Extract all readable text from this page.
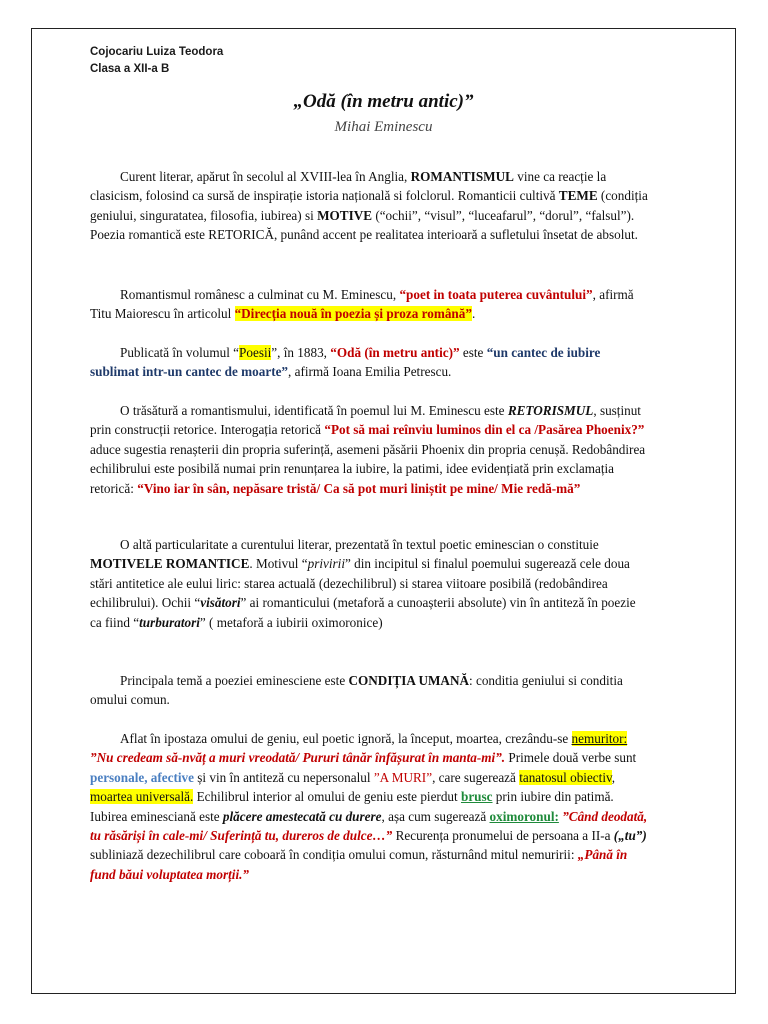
Cojocariu Luiza Teodora
Clasa a XII-a B
„Odă (în metru antic)”
Mihai Eminescu
Curent literar, apărut în secolul al XVIII-lea în Anglia, ROMANTISMUL vine ca reacție la clasicism, folosind ca sursă de inspirație istoria națională si folclorul. Romanticii cultivă TEME (condiția geniului, singuratatea, filosofia, iubirea) si MOTIVE (“ochii”, “visul”, “luceafarul”, “dorul”, “falsul”). Poezia romantică este RETORICĂ, punând accent pe realitatea interioară a sufletului însetat de absolut.
Romantismul românesc a culminat cu M. Eminescu, “poet in toata puterea cuvântului”, afirmă Titu Maiorescu în articolul “Direcția nouă în poezia și proza română”.
Publicată în volumul “Poesii”, în 1883, “Odă (în metru antic)” este “un cantec de iubire sublimat intr-un cantec de moarte”, afirmă Ioana Emilia Petrescu.
O trăsătură a romantismului, identificată în poemul lui M. Eminescu este RETORISMUL, susținut prin construcții retorice. Interogația retorică “Pot să mai reînviu luminos din el ca /Pasărea Phoenix?” aduce sugestia renașterii din propria suferință, asemeni păsării Phoenix din propria cenușă. Redobândirea echilibrului este posibilă numai prin renunțarea la iubire, la patimi, idee evidențiată prin exclamația retorică: “Vino iar în sân, nepăsare tristă/ Ca să pot muri liniștit pe mine/ Mie redă-mă”
O altă particularitate a curentului literar, prezentată în textul poetic eminescian o constituie MOTIVELE ROMANTICE. Motivul “privirii” din incipitul si finalul poemului sugerează cele doua stări antitetice ale eului liric: starea actuală (dezechilibrul) si starea viitoare posibilă (redobândirea echilibrului). Ochii “visători” ai romanticului (metaforă a cunoașterii absolute) vin în antiteză în poezie ca fiind “turburatori” ( metaforă a iubirii oximoronice)
Principala temă a poeziei eminesciene este CONDIȚIA UMANĂ: conditia geniului si conditia omului comun.
Aflat în ipostaza omului de geniu, eul poetic ignoră, la început, moartea, crezându-se nemuritor: ”Nu credeam să-nvăț a muri vreodată/ Pururi tânăr înfășurat în manta-mi”. Primele două verbe sunt personale, afective și vin în antiteză cu nepersonalul ”A MURI”, care sugerează tanatosul obiectiv, moartea universală. Echilibrul interior al omului de geniu este pierdut brusc prin iubire din patimă. Iubirea eminesciană este plăcere amestecată cu durere, așa cum sugerează oximoronul: ”Când deodată, tu răsăriși în cale-mi/ Suferință tu, dureros de dulce…” Recurența pronumelui de persoana a II-a („tu”) subliniază dezechilibrul care coboară în condiția omului comun, răsturnând mitul nemuririi: „Până în fund băui voluptatea morții.”
